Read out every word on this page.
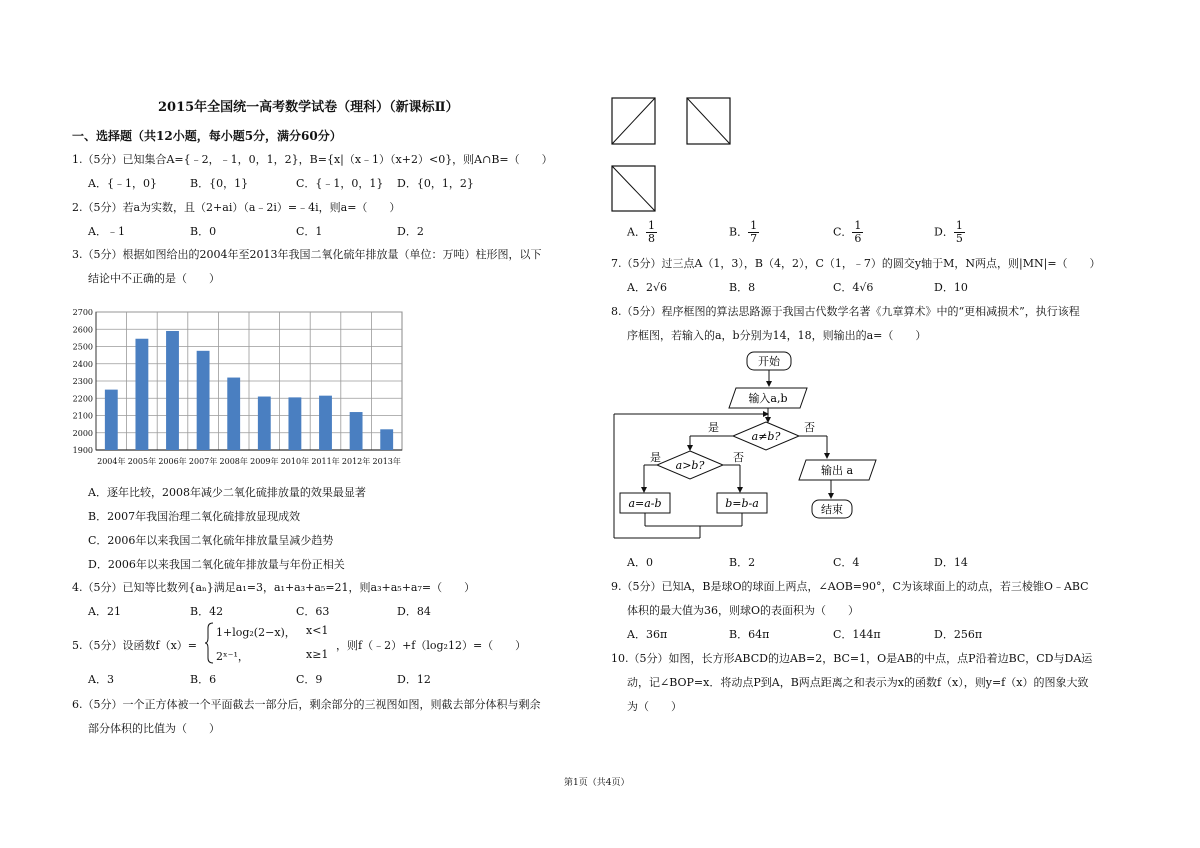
2015年全国统一高考数学试卷（理科）（新课标Ⅱ）
一、选择题（共12小题，每小题5分，满分60分）
1.（5分）已知集合A={﹣2，﹣1，0，1，2}，B={x|（x﹣1）（x+2）<0}，则A∩B=（　　）
A．{﹣1，0}	B．{0，1}	C．{﹣1，0，1} D．{0，1，2}
2.（5分）若a为实数，且（2+ai）（a﹣2i）=﹣4i，则a=（　　）
A．﹣1	B．0	C．1	D．2
3.（5分）根据如图给出的2004年至2013年我国二氧化硫年排放量（单位：万吨）柱形图，以下
结论中不正确的是（　　）
1900
2000
2100
2200
2300
2400
2500
2600
2700
2004年 2005年 2006年 2007年 2008年 2009年 2010年 2011年 2012年 2013年
A．逐年比较，2008年减少二氧化硫排放量的效果最显著
B．2007年我国治理二氧化硫排放显现成效
C．2006年以来我国二氧化硫年排放量呈减少趋势
D．2006年以来我国二氧化硫年排放量与年份正相关
4.（5分）已知等比数列{aₙ}满足a₁=3，a₁+a₃+a₅=21，则a₃+a₅+a₇=（　　）
A．21	B．42	C．63	D．84
5.（5分）设函数f（x）=
1+log₂(2−x)， x<1
2ˣ⁻¹，	x≥1
，则f（﹣2）+f（log₂12）=（　　）
A．3	B．6	C．9	D．12
6.（5分）一个正方体被一个平面截去一部分后，剩余部分的三视图如图，则截去部分体积与剩余
部分体积的比值为（　　）
A． $\frac{1}{8}$	B． $\frac{1}{7}$	C． $\frac{1}{6}$	D． $\frac{1}{5}$
7.（5分）过三点A（1，3），B（4，2），C（1，﹣7）的圆交y轴于M，N两点，则|MN|=（　　）
A．2√6	B．8	C．4√6	D．10
8.（5分）程序框图的算法思路源于我国古代数学名著《九章算术》中的“更相减损术”，执行该程
序框图，若输入的a，b分别为14，18，则输出的a=（　　）
开始
输入a,b
a≠b?
是	否
a>b?
是	否
a=a-b	b=b-a
输出 a
结束
A．0	B．2	C．4	D．14
9.（5分）已知A，B是球O的球面上两点，∠AOB=90°，C为该球面上的动点，若三棱锥O﹣ABC
体积的最大值为36，则球O的表面积为（　　）
A．36π	B．64π	C．144π	D．256π
10.（5分）如图，长方形ABCD的边AB=2，BC=1，O是AB的中点，点P沿着边BC，CD与DA运
动，记∠BOP=x．将动点P到A，B两点距离之和表示为x的函数f（x），则y=f（x）的图象大致
为（　　）
第1页（共4页）
